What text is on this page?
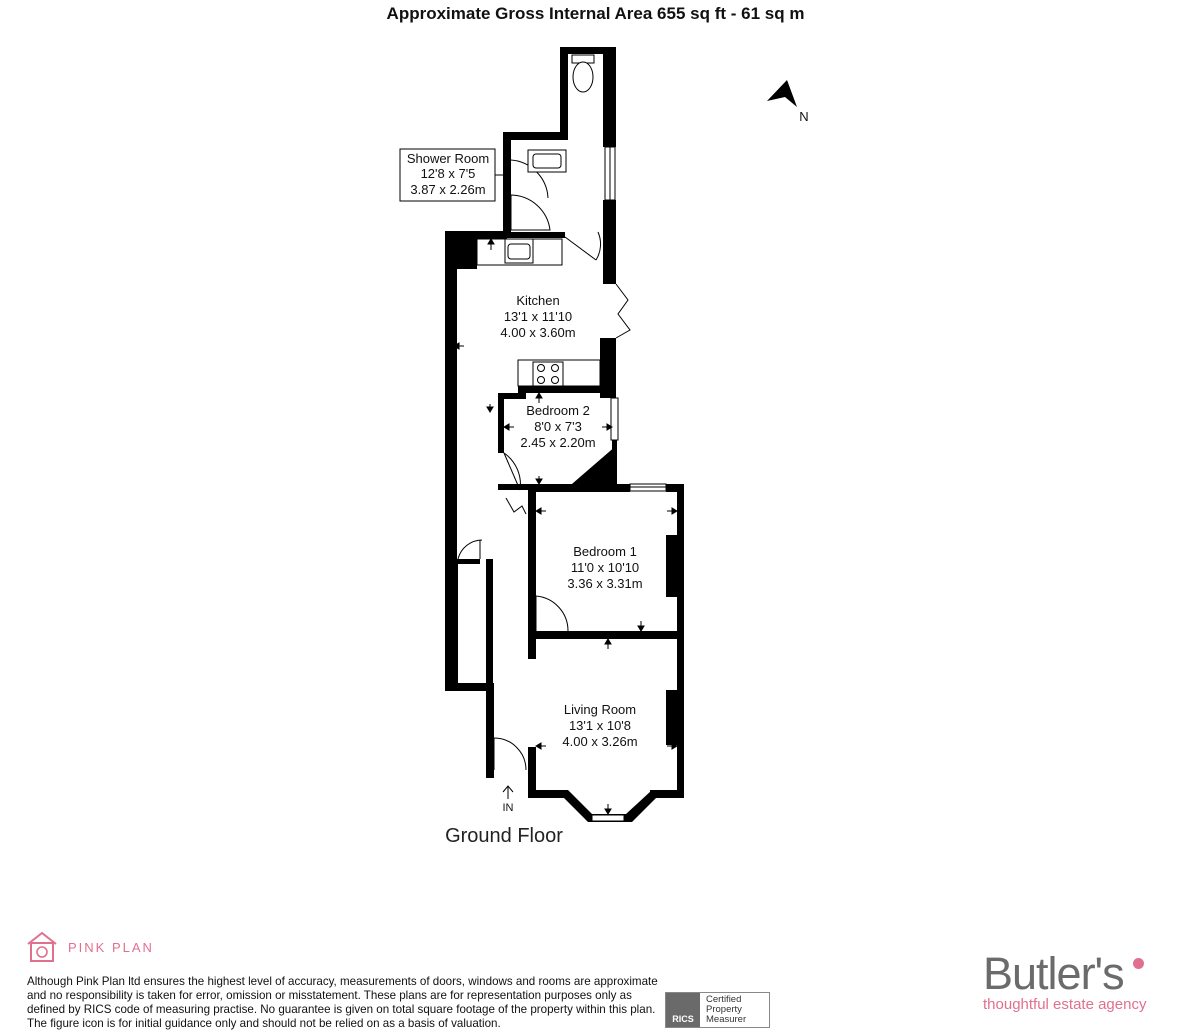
Approximate Gross Internal Area 655 sq ft - 61 sq m
Shower Room
12'8 x 7'5
3.87 x 2.26m
Kitchen
13'1 x 11'10
4.00 x 3.60m
Bedroom 2
8'0 x 7'3
2.45 x 2.20m
Bedroom 1
11'0 x 10'10
3.36 x 3.31m
Living Room
13'1 x 10'8
4.00 x 3.26m
IN
N
Ground Floor
PINK PLAN
Although Pink Plan ltd ensures the highest level of accuracy, measurements of doors, windows and rooms are approximate and no responsibility is taken for error, omission or misstatement. These plans are for representation purposes only as defined by RICS code of measuring practise. No guarantee is given on total square footage of the property within this plan. The figure icon is for initial guidance only and should not be relied on as a basis of valuation.	RICS
Certified
Property
Measurer
Butler's
thoughtful estate agency
